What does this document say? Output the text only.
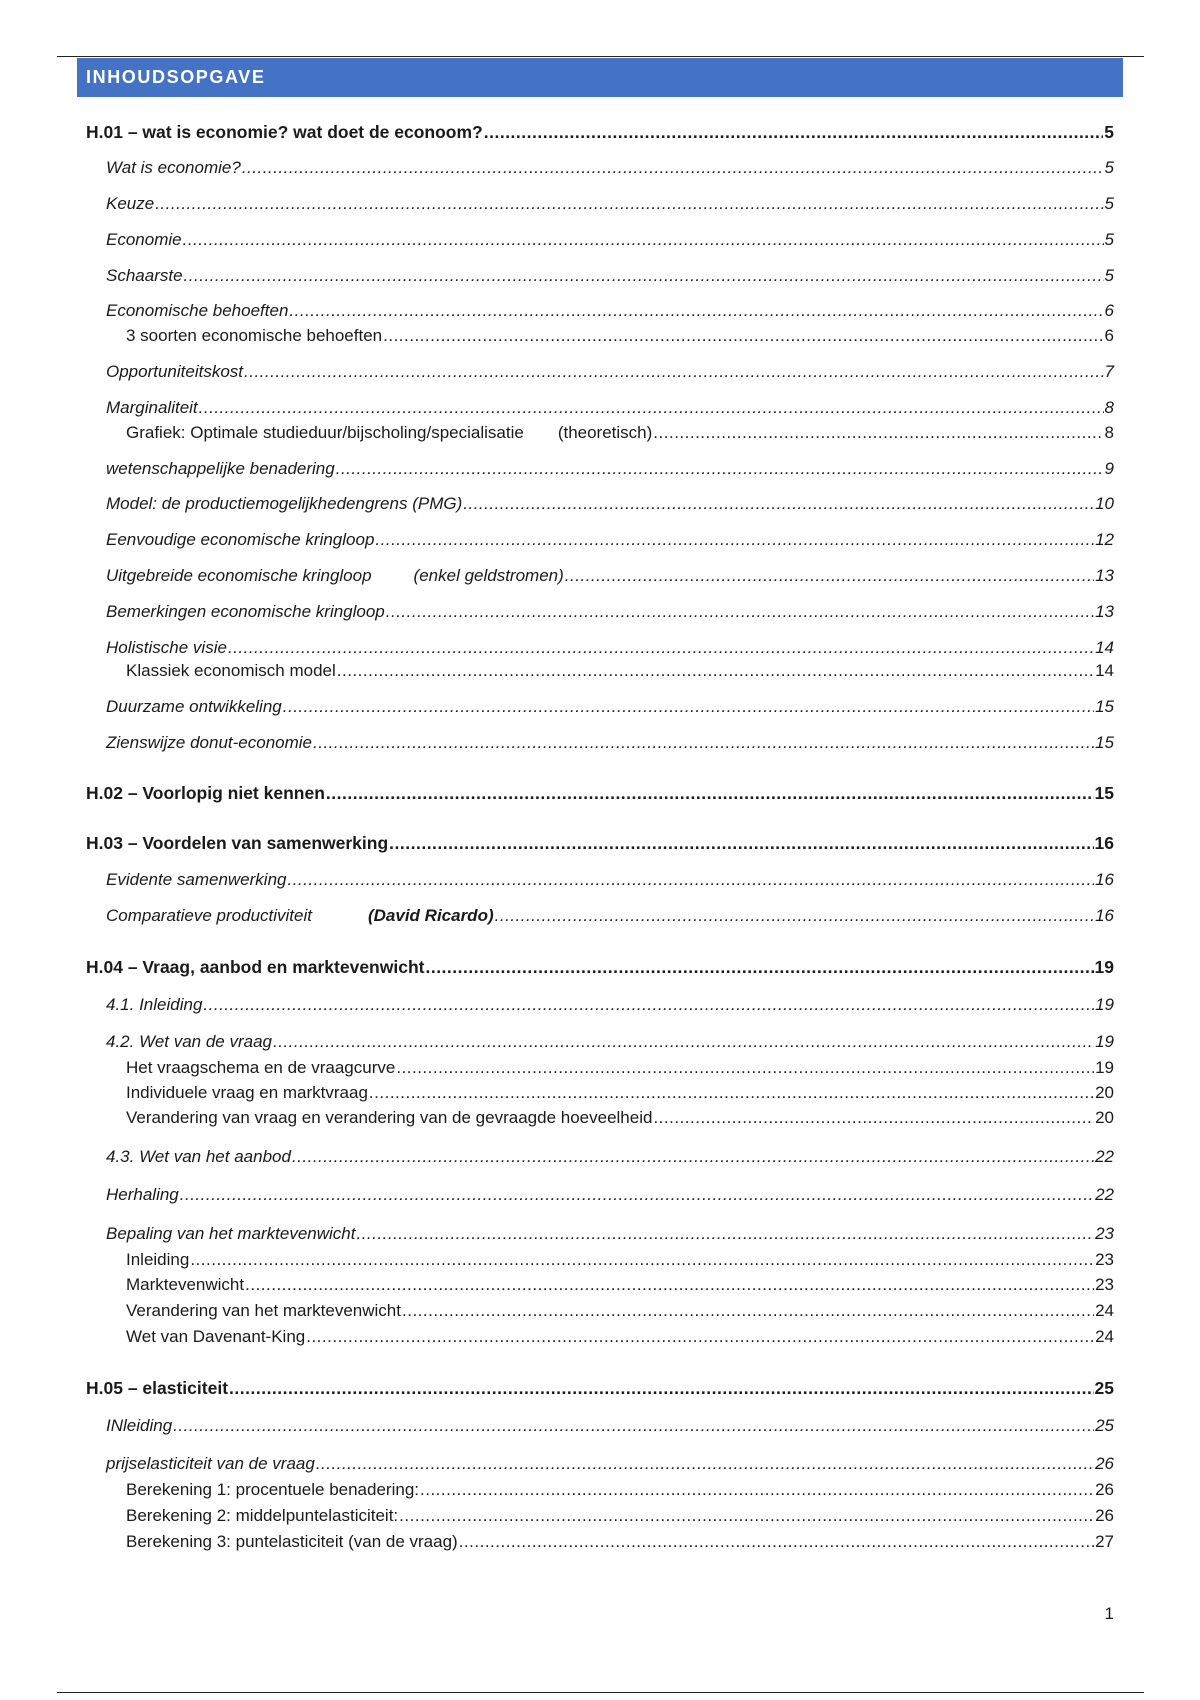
INHOUDSOPGAVE
H.01 – wat is economie? wat doet de econoom? .....	5
Wat is economie? .....	5
Keuze .....	5
Economie .....	5
Schaarste .....	5
Economische behoeften .....	6
3 soorten economische behoeften .....	6
Opportuniteitskost .....	7
Marginaliteit .....	8
Grafiek: Optimale studieduur/bijscholing/specialisatie (theoretisch) .....	8
wetenschappelijke benadering .....	9
Model: de productiemogelijkhedengrens (PMG) .....	10
Eenvoudige economische kringloop .....	12
Uitgebreide economische kringloop (enkel geldstromen) .....	13
Bemerkingen economische kringloop .....	13
Holistische visie .....	14
Klassiek economisch model .....	14
Duurzame ontwikkeling .....	15
Zienswijze donut-economie .....	15
H.02 – Voorlopig niet kennen .....	15
H.03 – Voordelen van samenwerking .....	16
Evidente samenwerking .....	16
Comparatieve productiviteit	(David Ricardo) .....	16
H.04 – Vraag, aanbod en marktevenwicht .....	19
4.1. Inleiding .....	19
4.2. Wet van de vraag .....	19
Het vraagschema en de vraagcurve .....	19
Individuele vraag en marktvraag .....	20
Verandering van vraag en verandering van de gevraagde hoeveelheid .....	20
4.3. Wet van het aanbod .....	22
Herhaling .....	22
Bepaling van het marktevenwicht .....	23
Inleiding .....	23
Marktevenwicht .....	23
Verandering van het marktevenwicht .....	24
Wet van Davenant-King .....	24
H.05 – elasticiteit .....	25
INleiding .....	25
prijselasticiteit van de vraag .....	26
Berekening 1: procentuele benadering: .....	26
Berekening 2: middelpuntelasticiteit: .....	26
Berekening 3: puntelasticiteit (van de vraag) .....	27
1
